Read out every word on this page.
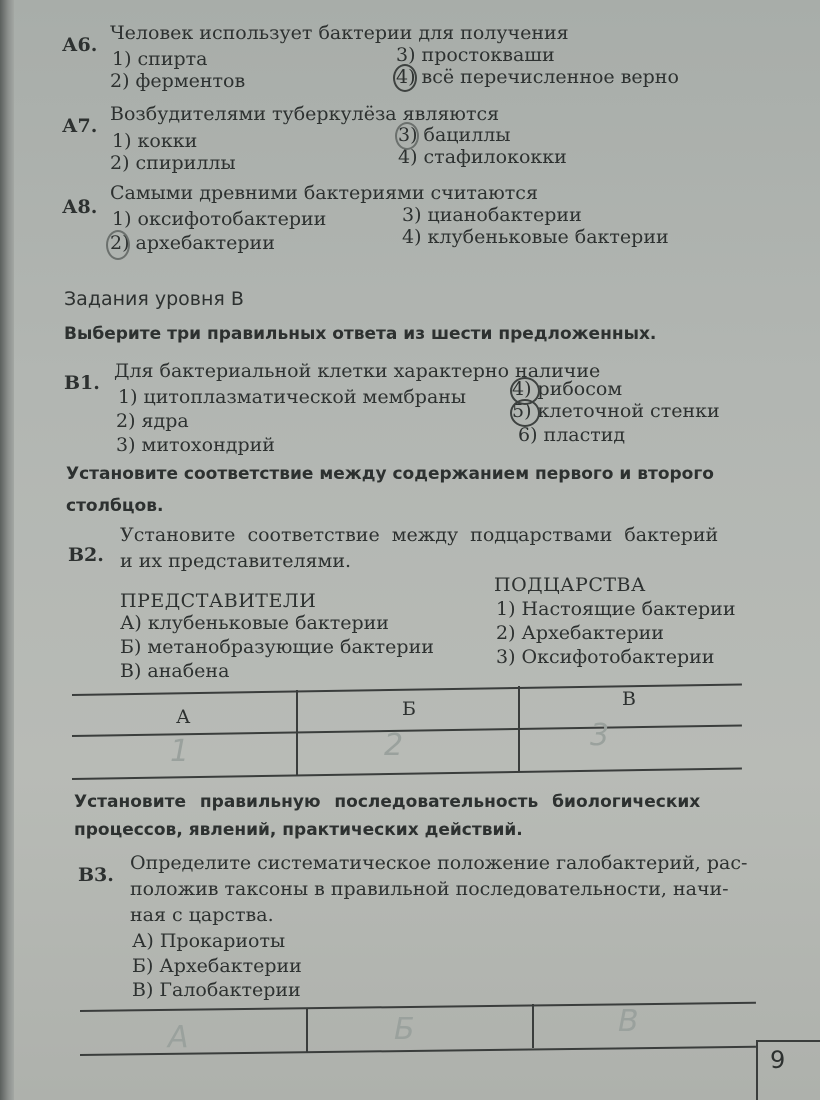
А6.
Человек использует бактерии для получения
1) спирта
2) ферментов
3) простокваши
4) всё перечисленное верно
А7.
Возбудителями туберкулёза являются
1) кокки
2) спириллы
3) бациллы
4) стафилококки
А8.
Самыми древними бактериями считаются
1) оксифотобактерии
2) архебактерии
3) цианобактерии
4) клубеньковые бактерии
Задания уровня В
Выберите три правильных ответа из шести предложенных.
В1.
Для бактериальной клетки характерно наличие
1) цитоплазматической мембраны
2) ядра
3) митохондрий
4) рибосом
5) клеточной стенки
6) пластид
Установите соответствие между содержанием первого и второго
столбцов.
В2.
Установите соответствие между подцарствами бактерий
и их представителями.
ПРЕДСТАВИТЕЛИ
А) клубеньковые бактерии
Б) метанобразующие бактерии
В) анабена
ПОДЦАРСТВА
1) Настоящие бактерии
2) Архебактерии
3) Оксифотобактерии
А	Б	В
1	2	3
Установите правильную последовательность биологических
процессов, явлений, практических действий.
В3.
Определите систематическое положение галобактерий, рас-
положив таксоны в правильной последовательности, начи-
ная с царства.
А) Прокариоты
Б) Архебактерии
В) Галобактерии
А	Б	В
9
